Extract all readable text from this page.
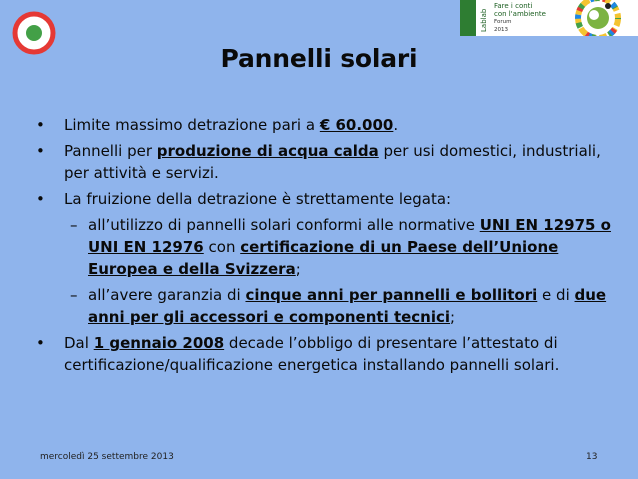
Lablab
Fare i conti
con l'ambiente
Forum
2013
Pannelli solari
•	Limite massimo detrazione pari a € 60.000.
•	Pannelli per produzione di acqua calda per usi domestici, industriali, per attività e servizi.
•	La fruizione della detrazione è strettamente legata:
– all’utilizzo di pannelli solari conformi alle normative UNI EN 12975 o UNI EN 12976 con certificazione di un Paese dell’Unione Europea e della Svizzera;
– all’avere garanzia di cinque anni per pannelli e bollitori e di due anni per gli accessori e componenti tecnici;
•	Dal 1 gennaio 2008 decade l’obbligo di presentare l’attestato di certificazione/qualificazione energetica installando pannelli solari.
mercoledì 25 settembre 2013	13
